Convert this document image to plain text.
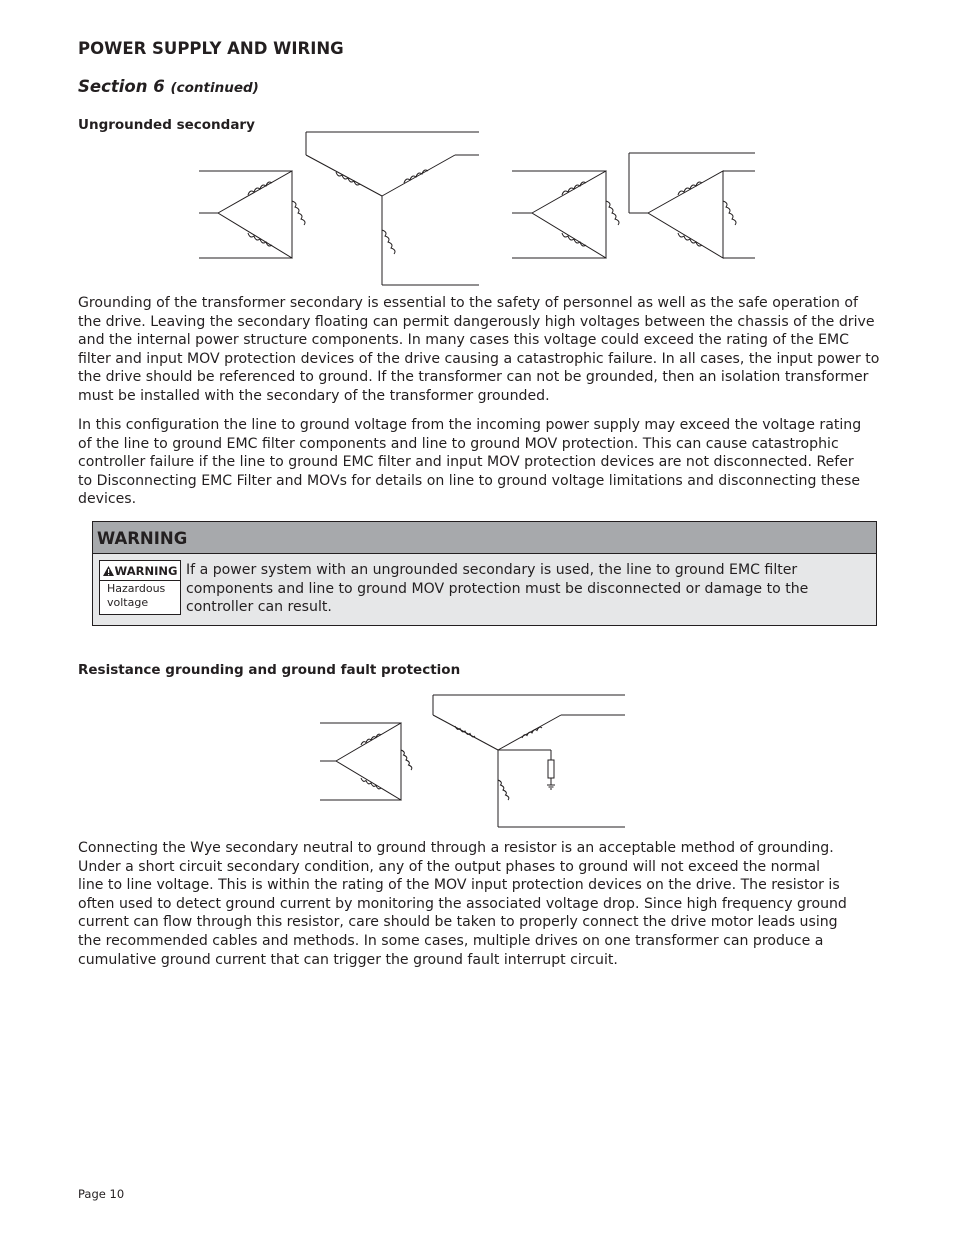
POWER SUPPLY AND WIRING
Section 6 (continued)
Ungrounded secondary

Grounding of the transformer secondary is essential to the safety of personnel as well as the safe operation of
the drive. Leaving the secondary floating can permit dangerously high voltages between the chassis of the drive
and the internal power structure components. In many cases this voltage could exceed the rating of the EMC
filter and input MOV protection devices of the drive causing a catastrophic failure. In all cases, the input power to
the drive should be referenced to ground. If the transformer can not be grounded, then an isolation transformer
must be installed with the secondary of the transformer grounded.

In this configuration the line to ground voltage from the incoming power supply may exceed the voltage rating
of the line to ground EMC filter components and line to ground MOV protection. This can cause catastrophic
controller failure if the line to ground EMC filter and input MOV protection devices are not disconnected. Refer
to Disconnecting EMC Filter and MOVs for details on line to ground voltage limitations and disconnecting these
devices.

WARNING
WARNING
Hazardous
voltage

If a power system with an ungrounded secondary is used, the line to ground EMC filter
components and line to ground MOV protection must be disconnected or damage to the
controller can result.

Resistance grounding and ground fault protection

Connecting the Wye secondary neutral to ground through a resistor is an acceptable method of grounding.
Under a short circuit secondary condition, any of the output phases to ground will not exceed the normal
line to line voltage. This is within the rating of the MOV input protection devices on the drive. The resistor is
often used to detect ground current by monitoring the associated voltage drop. Since high frequency ground
current can flow through this resistor, care should be taken to properly connect the drive motor leads using
the recommended cables and methods. In some cases, multiple drives on one transformer can produce a
cumulative ground current that can trigger the ground fault interrupt circuit.

Page 10
